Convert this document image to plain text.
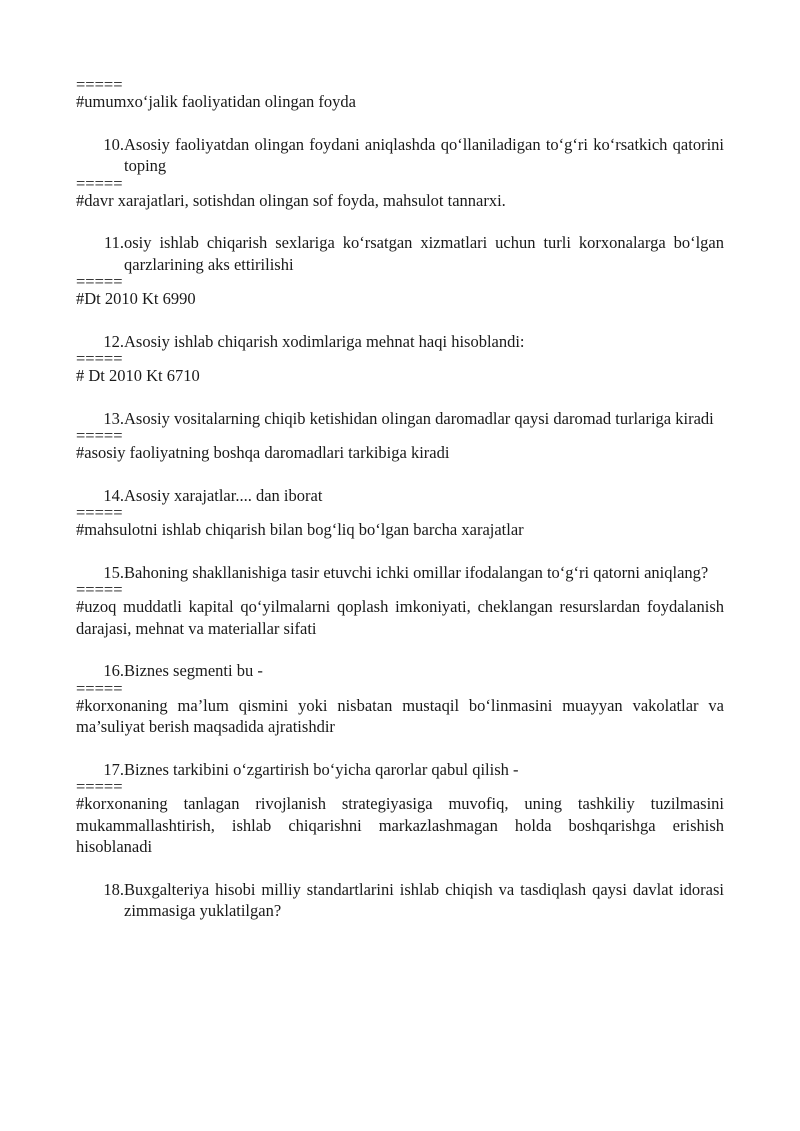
=====

#umumxo‘jalik faoliyatidan olingan foyda

10. Asosiy faoliyatdan olingan foydani aniqlashda qo‘llaniladigan to‘g‘ri ko‘rsatkich qatorini toping
=====

#davr xarajatlari, sotishdan olingan sof foyda, mahsulot tannarxi.

11. osiy ishlab chiqarish sexlariga ko‘rsatgan xizmatlari uchun turli korxonalarga bo‘lgan qarzlarining aks ettirilishi
=====

#Dt 2010 Kt 6990

12. Asosiy ishlab chiqarish xodimlariga mehnat haqi hisoblandi:
=====

# Dt 2010 Kt 6710

13. Asosiy vositalarning chiqib ketishidan olingan daromadlar qaysi daromad turlariga kiradi
=====

#asosiy faoliyatning boshqa daromadlari tarkibiga kiradi

14. Asosiy xarajatlar.... dan iborat
=====

#mahsulotni ishlab chiqarish bilan bog‘liq bo‘lgan barcha xarajatlar

15. Bahoning shakllanishiga tasir etuvchi ichki omillar ifodalangan to‘g‘ri qatorni aniqlang?
=====

#uzoq muddatli kapital qo‘yilmalarni qoplash imkoniyati, cheklangan resurslardan foydalanish darajasi, mehnat va materiallar sifati

16. Biznes segmenti bu -
=====

#korxonaning ma’lum qismini yoki nisbatan mustaqil bo‘linmasini muayyan vakolatlar va ma’suliyat berish maqsadida ajratishdir

17. Biznes tarkibini o‘zgartirish bo‘yicha qarorlar qabul qilish -
=====

#korxonaning tanlagan rivojlanish strategiyasiga muvofiq, uning tashkiliy tuzilmasini mukammallashtirish, ishlab chiqarishni markazlashmagan holda boshqarishga erishish hisoblanadi

18. Buxgalteriya hisobi milliy standartlarini ishlab chiqish va tasdiqlash qaysi davlat idorasi zimmasiga yuklatilgan?
